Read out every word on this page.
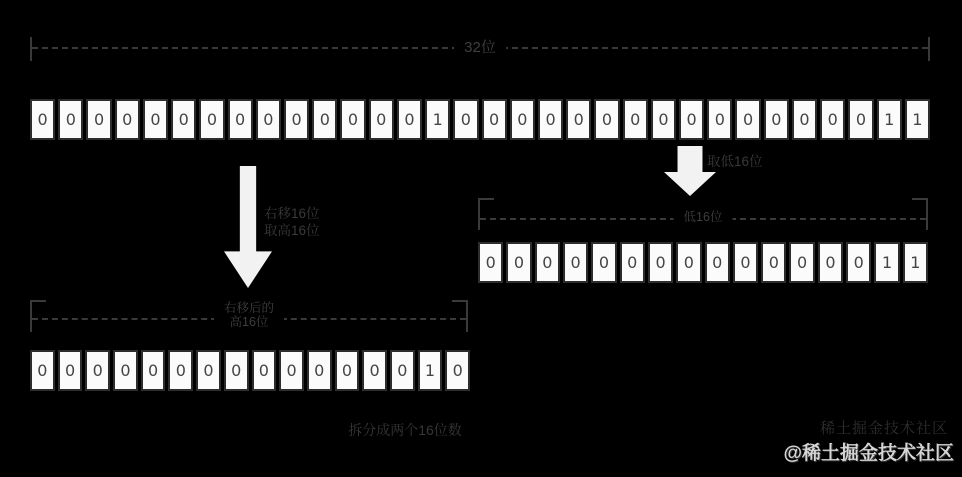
32位
0	0	0	0	0	0	0	0	0	0	0	0	0	0	1	0	0	0	0	0	0	0	0	0	0	0	0	0	0	0	1	1
取低16位
右移16位
取高16位
低16位
0	0	0	0	0	0	0	0	0	0	0	0	0	0	1	1
右移后的
高16位
0	0	0	0	0	0	0	0	0	0	0	0	0	0	1	0
拆分成两个16位数	稀土掘金技术社区
@稀土掘金技术社区
